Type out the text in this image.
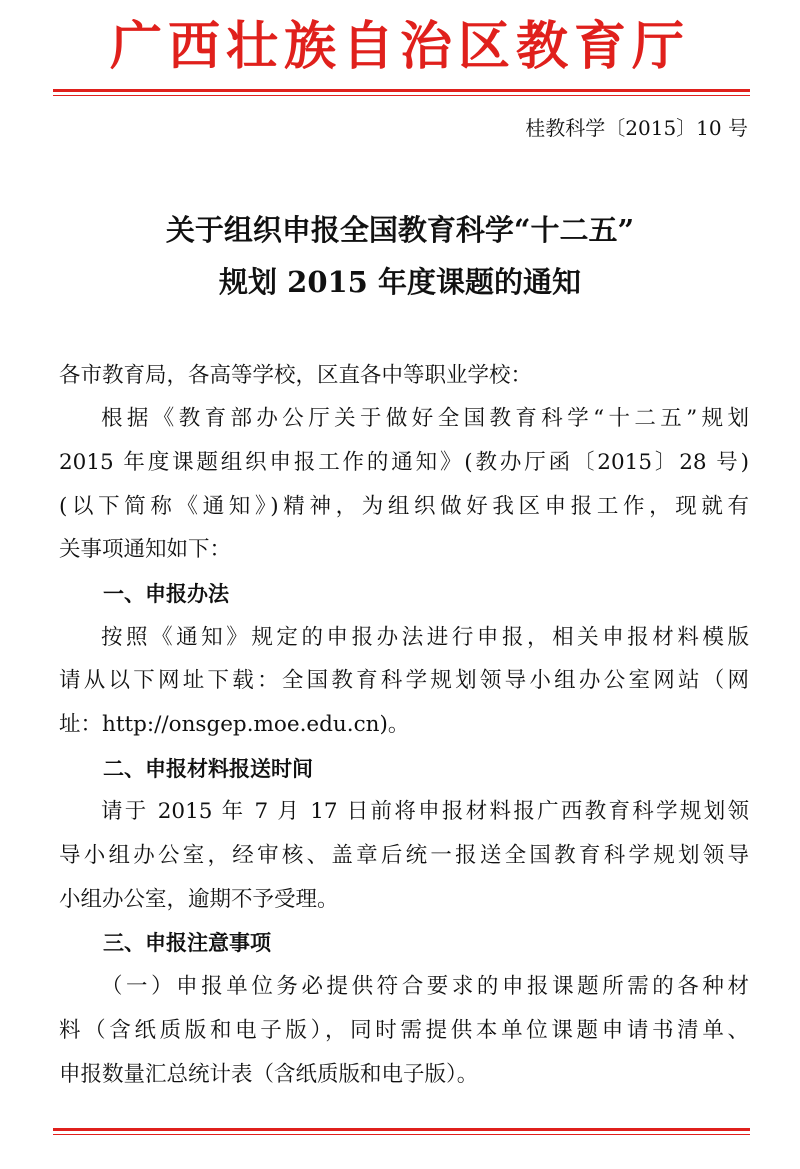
广西壮族自治区教育厅
桂教科学〔2015〕10 号
关于组织申报全国教育科学“十二五”
规划 2015 年度课题的通知
各市教育局，各高等学校，区直各中等职业学校：
根据《教育部办公厅关于做好全国教育科学“十二五”规划
2015 年度课题组织申报工作的通知》(教办厅函〔2015〕28 号)
(以下简称《通知》)精神，为组织做好我区申报工作，现就有
关事项通知如下：
一、申报办法
按照《通知》规定的申报办法进行申报，相关申报材料模版
请从以下网址下载：全国教育科学规划领导小组办公室网站（网
址：http://onsgep.moe.edu.cn)。
二、申报材料报送时间
请于 2015 年 7 月 17 日前将申报材料报广西教育科学规划领
导小组办公室，经审核、盖章后统一报送全国教育科学规划领导
小组办公室，逾期不予受理。
三、申报注意事项
（一）申报单位务必提供符合要求的申报课题所需的各种材
料（含纸质版和电子版），同时需提供本单位课题申请书清单、
申报数量汇总统计表（含纸质版和电子版）。
